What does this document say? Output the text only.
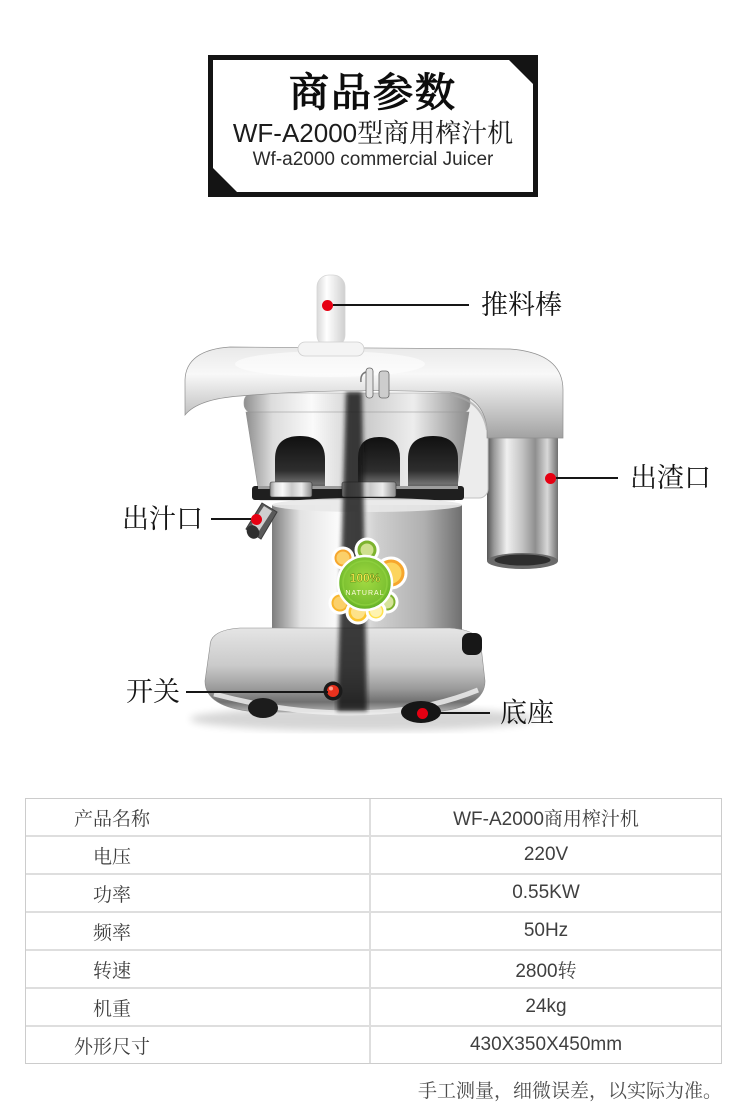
商品参数
WF-A2000型商用榨汁机
Wf-a2000 commercial Juicer
100%
NATURAL
推料棒
出渣口
出汁口
开关
底座
产品名称	WF-A2000商用榨汁机
电压	220V
功率	0.55KW
频率	50Hz
转速	2800转
机重	24kg
外形尺寸	430X350X450mm
手工测量，细微误差，以实际为准。
